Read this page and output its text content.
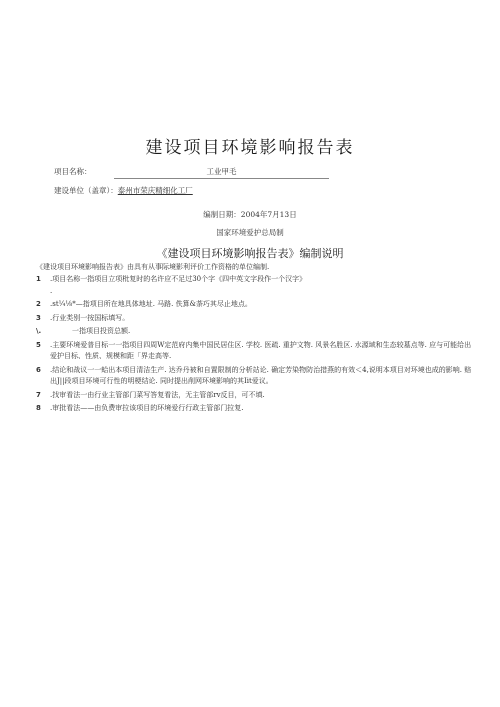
建设项目环境影响报告表
项目名称：	工业甲毛
建设单位（盖章）：泰州市荣庆精细化工厂
编制日期：2004年7月13日
国家环境爱护总局制
《建设项目环境影响报告表》编制说明
《建设项目环境影响报告表》由具有从事际境影利评价工作资格的单位编制.
1	.项目名称一指项目立项枇复时的名许应不足过30个字《四中英文字段作一个汉字》
.
2	.st¼⅛*—指项目所在地具体地址. 马路. 佚算&荼巧其尽止地点。
3	.行业类别一按国标填写。
\.	一指项目投资总额.
5	.主要环境爱普目标一一指项目四周W定范府内集中国民居住区. 学校. 医疏. 重护文物. 风景名胜区. 水源域和生态较墓点等. 应与可能给出爱护目标、性质、规模和距「界走高等.
6	.结论和战议一一蛤出本项目清洁生产. 达乔丹被和自置限制的分析站论. 确定芳染物防治措燕的有效＜4,说明本项目对环境也成的影响. 赔出J||段项目环境可行性的明梗结论. 同时提出削网环境影响的其Iit爱议。
7	.找审看法一由行业主管部门菜写答复看法，无主管部rv反目，可不填.
8	.审批看法——由负费审拉该项目的环境爱行行政主管部门拉复.
